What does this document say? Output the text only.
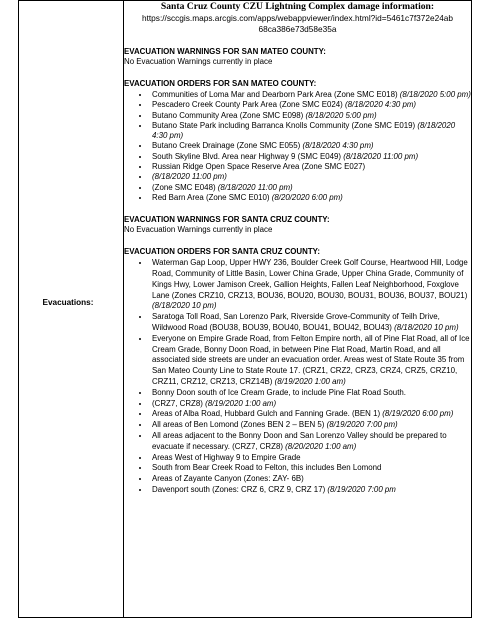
Evacuations:

Santa Cruz County CZU Lightning Complex damage information:
https://sccgis.maps.arcgis.com/apps/webappviewer/index.html?id=5461c7f372e24ab
68ca386e73d58e35a
EVACUATION WARNINGS FOR SAN MATEO COUNTY:
No Evacuation Warnings currently in place
EVACUATION ORDERS FOR SAN MATEO COUNTY:
• Communities of Loma Mar and Dearborn Park Area (Zone SMC E018) (8/18/2020 5:00 pm)
• Pescadero Creek County Park Area (Zone SMC E024) (8/18/2020 4:30 pm)
• Butano Community Area (Zone SMC E098) (8/18/2020 5:00 pm)
• Butano State Park including Barranca Knolls Community (Zone SMC E019) (8/18/2020 4:30 pm)
• Butano Creek Drainage (Zone SMC E055) (8/18/2020 4:30 pm)
• South Skyline Blvd. Area near Highway 9 (SMC E049) (8/18/2020 11:00 pm)
• Russian Ridge Open Space Reserve Area (Zone SMC E027)
• (8/18/2020 11:00 pm)
• (Zone SMC E048) (8/18/2020 11:00 pm)
• Red Barn Area (Zone SMC E010) (8/20/2020 6:00 pm)
EVACUATION WARNINGS FOR SANTA CRUZ COUNTY:
No Evacuation Warnings currently in place
EVACUATION ORDERS FOR SANTA CRUZ COUNTY:
• Waterman Gap Loop, Upper HWY 236, Boulder Creek Golf Course, Heartwood Hill, Lodge Road, Community of Little Basin, Lower China Grade, Upper China Grade, Community of Kings Hwy, Lower Jamison Creek, Gallion Heights, Fallen Leaf Neighborhood, Foxglove Lane (Zones CRZ10, CRZ13, BOU36, BOU20, BOU30, BOU31, BOU36, BOU37, BOU21) (8/18/2020 10 pm)
• Saratoga Toll Road, San Lorenzo Park, Riverside Grove-Community of Teilh Drive, Wildwood Road (BOU38, BOU39, BOU40, BOU41, BOU42, BOU43) (8/18/2020 10 pm)
• Everyone on Empire Grade Road, from Felton Empire north, all of Pine Flat Road, all of Ice Cream Grade, Bonny Doon Road, in between Pine Flat Road, Martin Road, and all associated side streets are under an evacuation order. Areas west of State Route 35 from San Mateo County Line to State Route 17. (CRZ1, CRZ2, CRZ3, CRZ4, CRZ5, CRZ10, CRZ11, CRZ12, CRZ13, CRZ14B) (8/19/2020 1:00 am)
• Bonny Doon south of Ice Cream Grade, to include Pine Flat Road South.
• (CRZ7, CRZ8) (8/19/2020 1:00 am)
• Areas of Alba Road, Hubbard Gulch and Fanning Grade. (BEN 1) (8/19/2020 6:00 pm)
• All areas of Ben Lomond (Zones BEN 2 – BEN 5) (8/19/2020 7:00 pm)
• All areas adjacent to the Bonny Doon and San Lorenzo Valley should be prepared to evacuate if necessary. (CRZ7, CRZ8) (8/20/2020 1:00 am)
• Areas West of Highway 9 to Empire Grade
• South from Bear Creek Road to Felton, this includes Ben Lomond
• Areas of Zayante Canyon (Zones: ZAY- 6B)
• Davenport south (Zones: CRZ 6, CRZ 9, CRZ 17) (8/19/2020 7:00 pm
